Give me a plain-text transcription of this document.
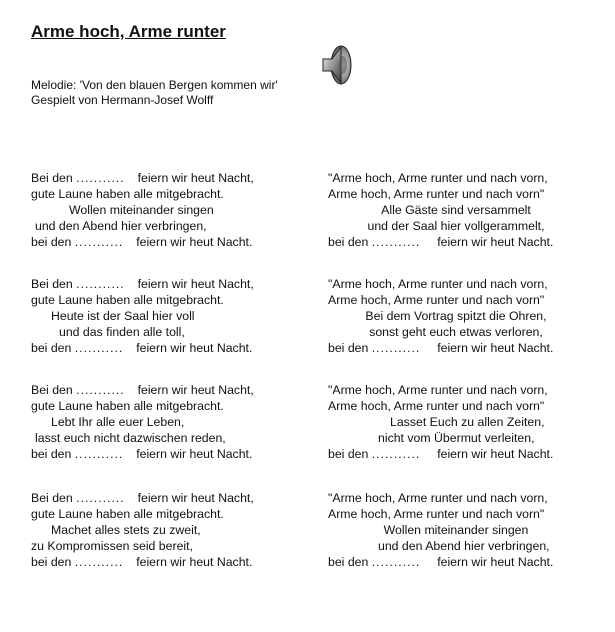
Arme hoch, Arme runter
Melodie: 'Von den blauen Bergen kommen wir'
Gespielt von Hermann-Josef Wolff
Bei den ........... feiern wir heut Nacht,
gute Laune haben alle mitgebracht.
Wollen miteinander singen
und den Abend hier verbringen,
bei den ........... feiern wir heut Nacht.
Bei den ........... feiern wir heut Nacht,
gute Laune haben alle mitgebracht.
Heute ist der Saal hier voll
und das finden alle toll,
bei den ........... feiern wir heut Nacht.
Bei den ........... feiern wir heut Nacht,
gute Laune haben alle mitgebracht.
Lebt Ihr alle euer Leben,
lasst euch nicht dazwischen reden,
bei den ........... feiern wir heut Nacht.
Bei den ........... feiern wir heut Nacht,
gute Laune haben alle mitgebracht.
Machet alles stets zu zweit,
zu Kompromissen seid bereit,
bei den ........... feiern wir heut Nacht.
"Arme hoch, Arme runter und nach vorn,
Arme hoch, Arme runter und nach vorn"
Alle Gäste sind versammelt
und der Saal hier vollgerammelt,
bei den ........... feiern wir heut Nacht.
"Arme hoch, Arme runter und nach vorn,
Arme hoch, Arme runter und nach vorn"
Bei dem Vortrag spitzt die Ohren,
sonst geht euch etwas verloren,
bei den ........... feiern wir heut Nacht.
"Arme hoch, Arme runter und nach vorn,
Arme hoch, Arme runter und nach vorn"
Lasset Euch zu allen Zeiten,
nicht vom Übermut verleiten,
bei den ........... feiern wir heut Nacht.
"Arme hoch, Arme runter und nach vorn,
Arme hoch, Arme runter und nach vorn"
Wollen miteinander singen
und den Abend hier verbringen,
bei den ........... feiern wir heut Nacht.
